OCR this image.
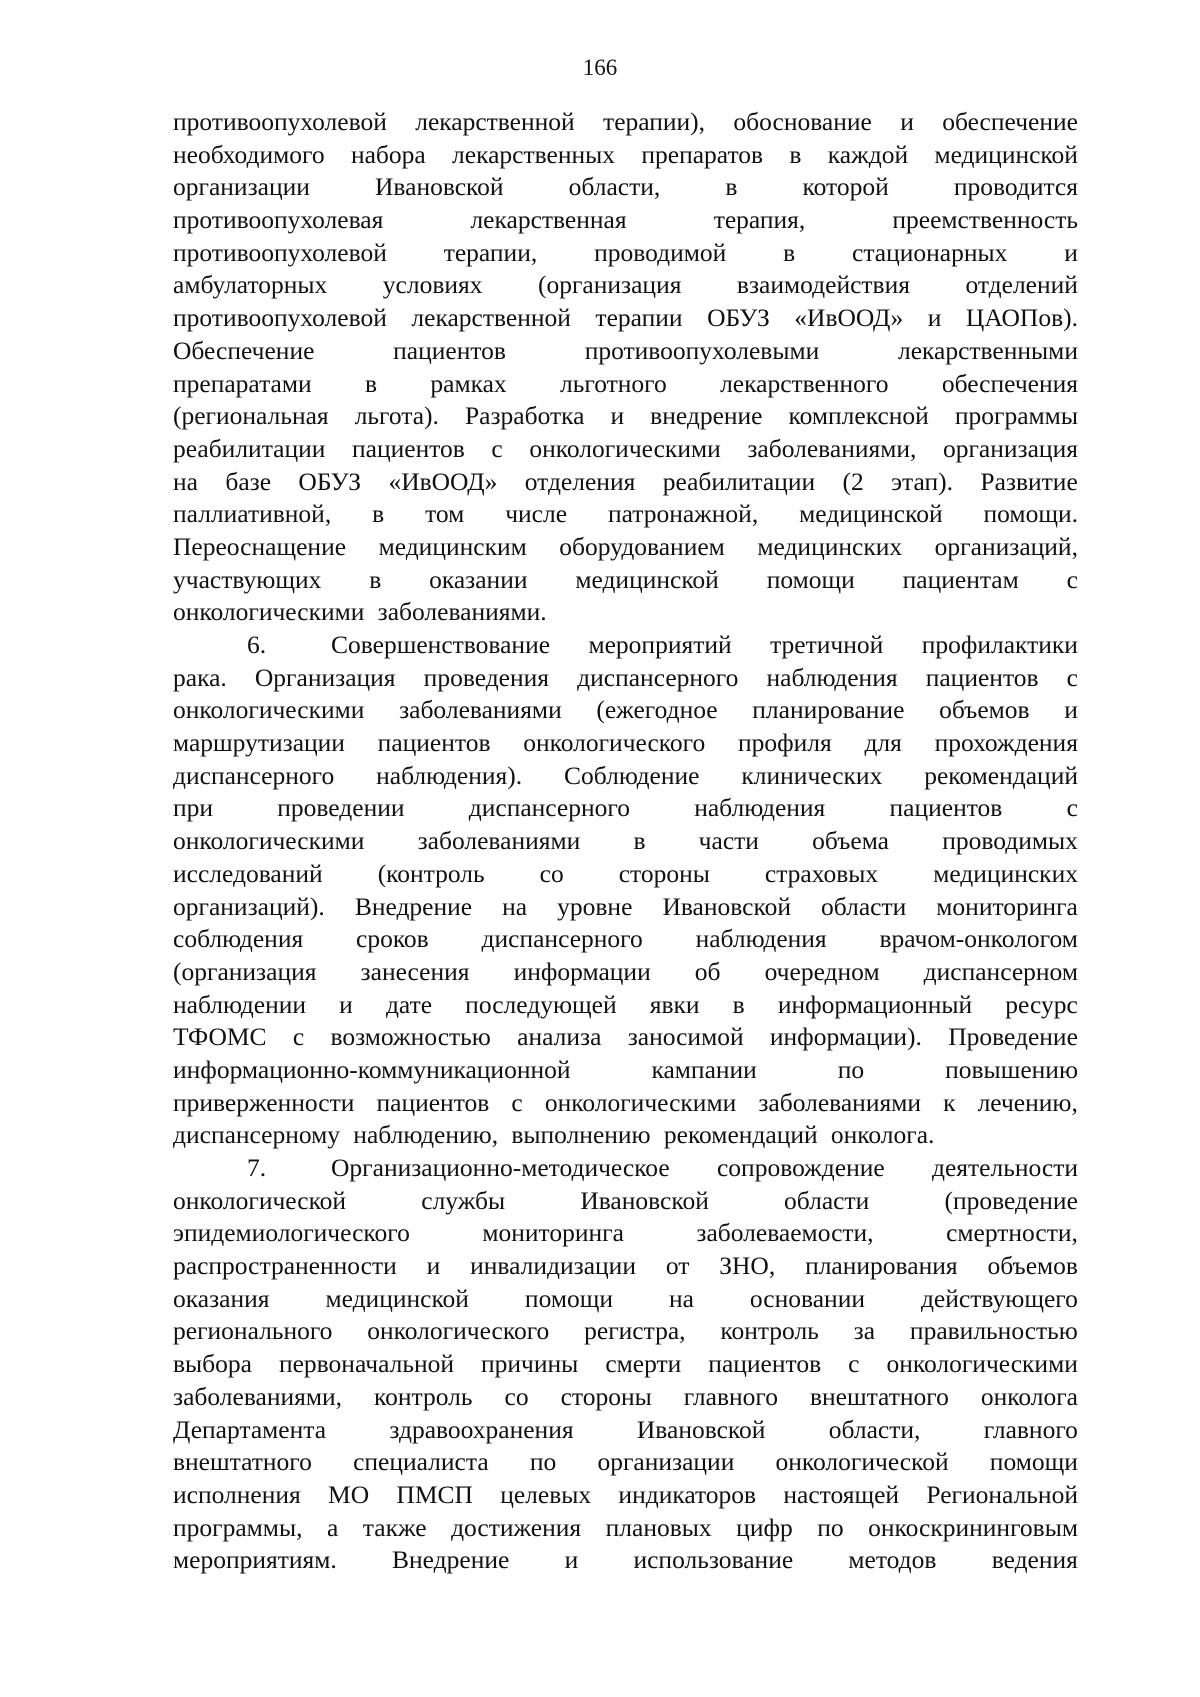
166
противоопухолевой лекарственной терапии), обоснование и обеспечение
необходимого набора лекарственных препаратов в каждой медицинской
организации	Ивановской	области,	в	которой	проводится
противоопухолевая	лекарственная	терапия,	преемственность
противоопухолевой терапии, проводимой в стационарных и
амбулаторных условиях (организация взаимодействия отделений
противоопухолевой лекарственной терапии ОБУЗ «ИвООД» и ЦАОПов).
Обеспечение	пациентов	противоопухолевыми	лекарственными
препаратами в рамках льготного лекарственного обеспечения
(региональная льгота). Разработка и внедрение комплексной программы
реабилитации пациентов с онкологическими заболеваниями, организация
на базе ОБУЗ «ИвООД» отделения реабилитации (2 этап). Развитие
паллиативной, в том числе патронажной, медицинской помощи.
Переоснащение медицинским оборудованием медицинских организаций,
участвующих в оказании медицинской помощи пациентам с
онкологическими заболеваниями.
6.	Совершенствование мероприятий третичной профилактики
рака. Организация проведения диспансерного наблюдения пациентов с
онкологическими заболеваниями (ежегодное планирование объемов и
маршрутизации пациентов онкологического профиля для прохождения
диспансерного наблюдения). Соблюдение клинических рекомендаций
при	проведении	диспансерного	наблюдения	пациентов	с
онкологическими заболеваниями в части объема проводимых
исследований (контроль со стороны страховых медицинских
организаций). Внедрение на уровне Ивановской области мониторинга
соблюдения сроков диспансерного наблюдения врачом-онкологом
(организация занесения информации об очередном диспансерном
наблюдении и дате последующей явки в информационный ресурс
ТФОМС с возможностью анализа заносимой информации). Проведение
информационно-коммуникационной	кампании	по	повышению
приверженности пациентов с онкологическими заболеваниями к лечению,
диспансерному наблюдению, выполнению рекомендаций онколога.
7.	Организационно-методическое сопровождение деятельности
онкологической	службы	Ивановской	области	(проведение
эпидемиологического	мониторинга	заболеваемости,	смертности,
распространенности и инвалидизации от ЗНО, планирования объемов
оказания медицинской помощи на основании действующего
регионального онкологического регистра, контроль за правильностью
выбора первоначальной причины смерти пациентов с онкологическими
заболеваниями, контроль со стороны главного внештатного онколога
Департамента здравоохранения Ивановской области, главного
внештатного специалиста по организации онкологической помощи
исполнения МО ПМСП целевых индикаторов настоящей Региональной
программы, а также достижения плановых цифр по онкоскрининговым
мероприятиям. Внедрение и использование методов ведения
